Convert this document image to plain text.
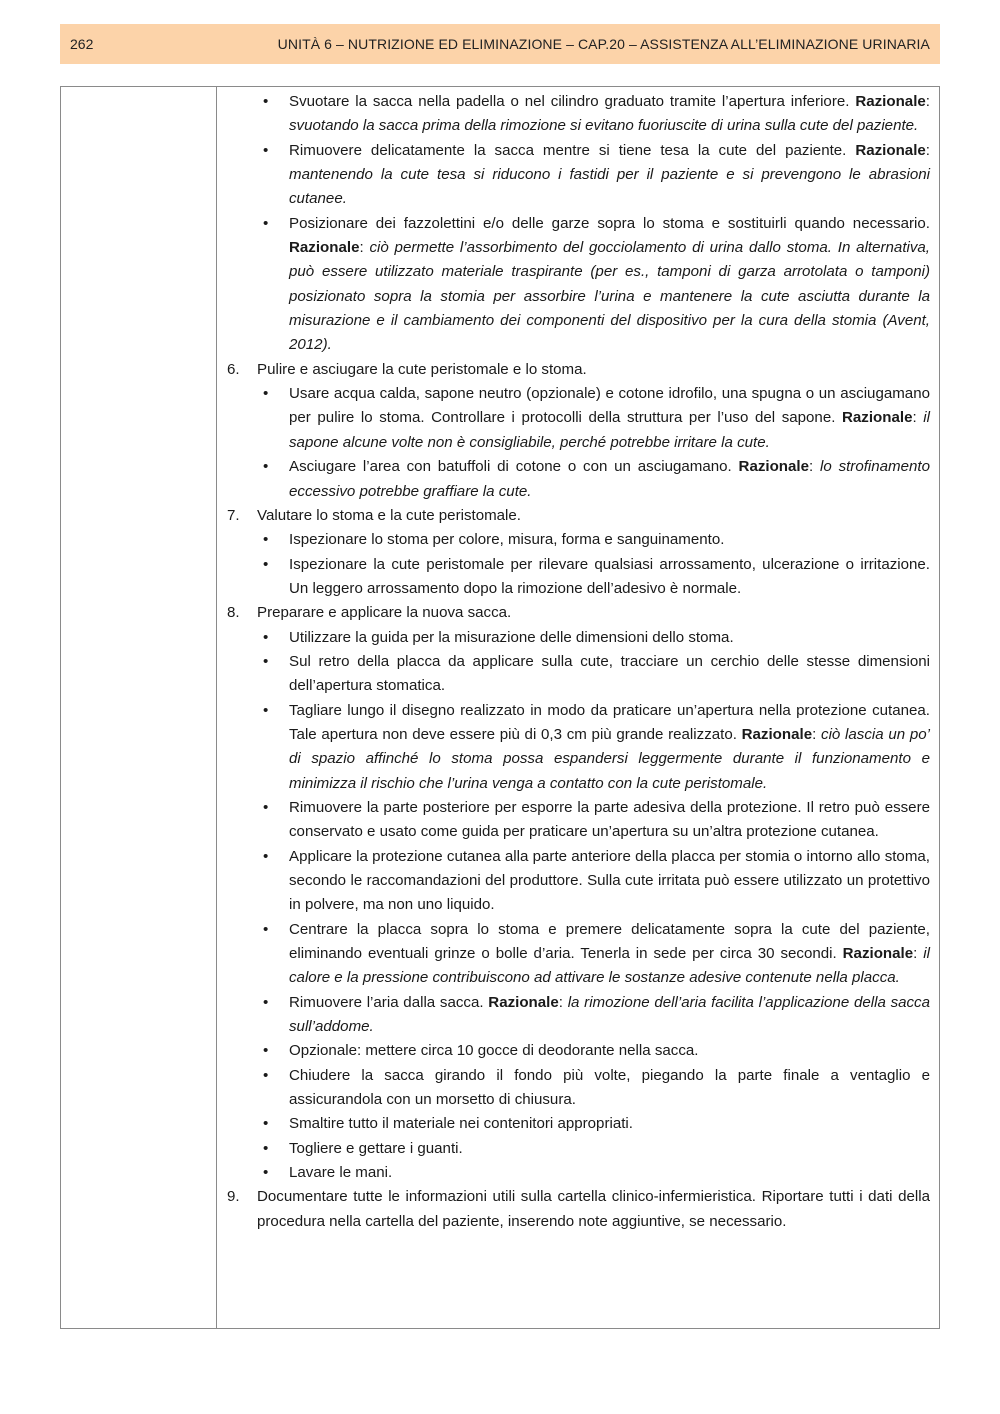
262	UNITÀ 6 – NUTRIZIONE ED ELIMINAZIONE – CAP.20 – ASSISTENZA ALL’ELIMINAZIONE URINARIA
•	Svuotare la sacca nella padella o nel cilindro graduato tramite l’apertura inferiore. Razionale: svuotando la sacca prima della rimozione si evitano fuoriuscite di urina sulla cute del paziente.
•	Rimuovere delicatamente la sacca mentre si tiene tesa la cute del paziente. Razionale: mantenendo la cute tesa si riducono i fastidi per il paziente e si prevengono le abrasioni cutanee.
•	Posizionare dei fazzolettini e/o delle garze sopra lo stoma e sostituirli quando necessario. Razionale: ciò permette l’assorbimento del gocciolamento di urina dallo stoma. In alternativa, può essere utilizzato materiale traspirante (per es., tamponi di garza arrotolata o tamponi) posizionato sopra la stomia per assorbire l’urina e mantenere la cute asciutta durante la misurazione e il cambiamento dei componenti del dispositivo per la cura della stomia (Avent, 2012).
6.	Pulire e asciugare la cute peristomale e lo stoma.
•	Usare acqua calda, sapone neutro (opzionale) e cotone idrofilo, una spugna o un asciugamano per pulire lo stoma. Controllare i protocolli della struttura per l’uso del sapone. Razionale: il sapone alcune volte non è consigliabile, perché potrebbe irritare la cute.
•	Asciugare l’area con batuffoli di cotone o con un asciugamano. Razionale: lo strofinamento eccessivo potrebbe graffiare la cute.
7.	Valutare lo stoma e la cute peristomale.
•	Ispezionare lo stoma per colore, misura, forma e sanguinamento.
•	Ispezionare la cute peristomale per rilevare qualsiasi arrossamento, ulcerazione o irritazione. Un leggero arrossamento dopo la rimozione dell’adesivo è normale.
8.	Preparare e applicare la nuova sacca.
•	Utilizzare la guida per la misurazione delle dimensioni dello stoma.
•	Sul retro della placca da applicare sulla cute, tracciare un cerchio delle stesse dimensioni dell’apertura stomatica.
•	Tagliare lungo il disegno realizzato in modo da praticare un’apertura nella protezione cutanea. Tale apertura non deve essere più di 0,3 cm più grande realizzato. Razionale: ciò lascia un po’ di spazio affinché lo stoma possa espandersi leggermente durante il funzionamento e minimizza il rischio che l’urina venga a contatto con la cute peristomale.
•	Rimuovere la parte posteriore per esporre la parte adesiva della protezione. Il retro può essere conservato e usato come guida per praticare un’apertura su un’altra protezione cutanea.
•	Applicare la protezione cutanea alla parte anteriore della placca per stomia o intorno allo stoma, secondo le raccomandazioni del produttore. Sulla cute irritata può essere utilizzato un protettivo in polvere, ma non uno liquido.
•	Centrare la placca sopra lo stoma e premere delicatamente sopra la cute del paziente, eliminando eventuali grinze o bolle d’aria. Tenerla in sede per circa 30 secondi. Razionale: il calore e la pressione contribuiscono ad attivare le sostanze adesive contenute nella placca.
•	Rimuovere l’aria dalla sacca. Razionale: la rimozione dell’aria facilita l’applicazione della sacca sull’addome.
•	Opzionale: mettere circa 10 gocce di deodorante nella sacca.
•	Chiudere la sacca girando il fondo più volte, piegando la parte finale a ventaglio e assicurandola con un morsetto di chiusura.
•	Smaltire tutto il materiale nei contenitori appropriati.
•	Togliere e gettare i guanti.
•	Lavare le mani.
9.	Documentare tutte le informazioni utili sulla cartella clinico-infermieristica. Riportare tutti i dati della procedura nella cartella del paziente, inserendo note aggiuntive, se necessario.
